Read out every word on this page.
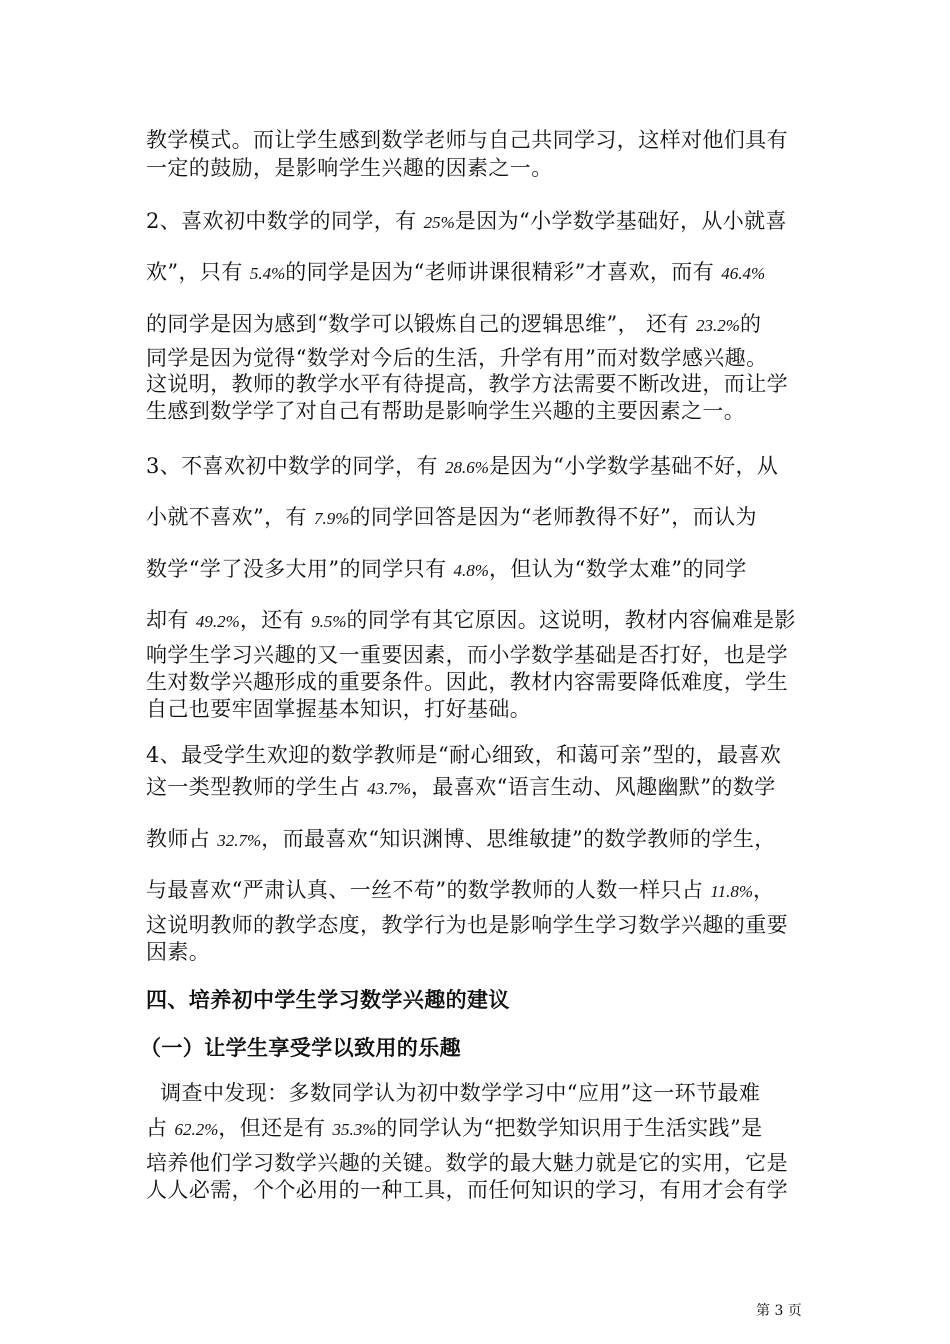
教学模式。而让学生感到数学老师与自己共同学习，这样对他们具有
一定的鼓励，是影响学生兴趣的因素之一。
2、喜欢初中数学的同学，有 25%是因为“小学数学基础好，从小就喜
欢”，只有 5.4%的同学是因为“老师讲课很精彩”才喜欢，而有 46.4%
的同学是因为感到“数学可以锻炼自己的逻辑思维”， 还有 23.2%的
同学是因为觉得“数学对今后的生活，升学有用”而对数学感兴趣。
这说明，教师的教学水平有待提高，教学方法需要不断改进，而让学
生感到数学学了对自己有帮助是影响学生兴趣的主要因素之一。
3、不喜欢初中数学的同学，有 28.6%是因为“小学数学基础不好，从
小就不喜欢”，有 7.9%的同学回答是因为“老师教得不好”，而认为
数学“学了没多大用”的同学只有 4.8%，但认为“数学太难”的同学
却有 49.2%，还有 9.5%的同学有其它原因。这说明，教材内容偏难是影
响学生学习兴趣的又一重要因素，而小学数学基础是否打好，也是学
生对数学兴趣形成的重要条件。因此，教材内容需要降低难度，学生
自己也要牢固掌握基本知识，打好基础。
4、最受学生欢迎的数学教师是“耐心细致，和蔼可亲”型的，最喜欢
这一类型教师的学生占 43.7%，最喜欢“语言生动、风趣幽默”的数学
教师占 32.7%，而最喜欢“知识渊博、思维敏捷”的数学教师的学生，
与最喜欢“严肃认真、一丝不苟”的数学教师的人数一样只占 11.8%，
这说明教师的教学态度，教学行为也是影响学生学习数学兴趣的重要
因素。
四、培养初中学生学习数学兴趣的建议
（一）让学生享受学以致用的乐趣
调查中发现：多数同学认为初中数学学习中“应用”这一环节最难
占 62.2%，但还是有 35.3%的同学认为“把数学知识用于生活实践”是
培养他们学习数学兴趣的关键。数学的最大魅力就是它的实用，它是
人人必需，个个必用的一种工具，而任何知识的学习，有用才会有学
第 3 页
